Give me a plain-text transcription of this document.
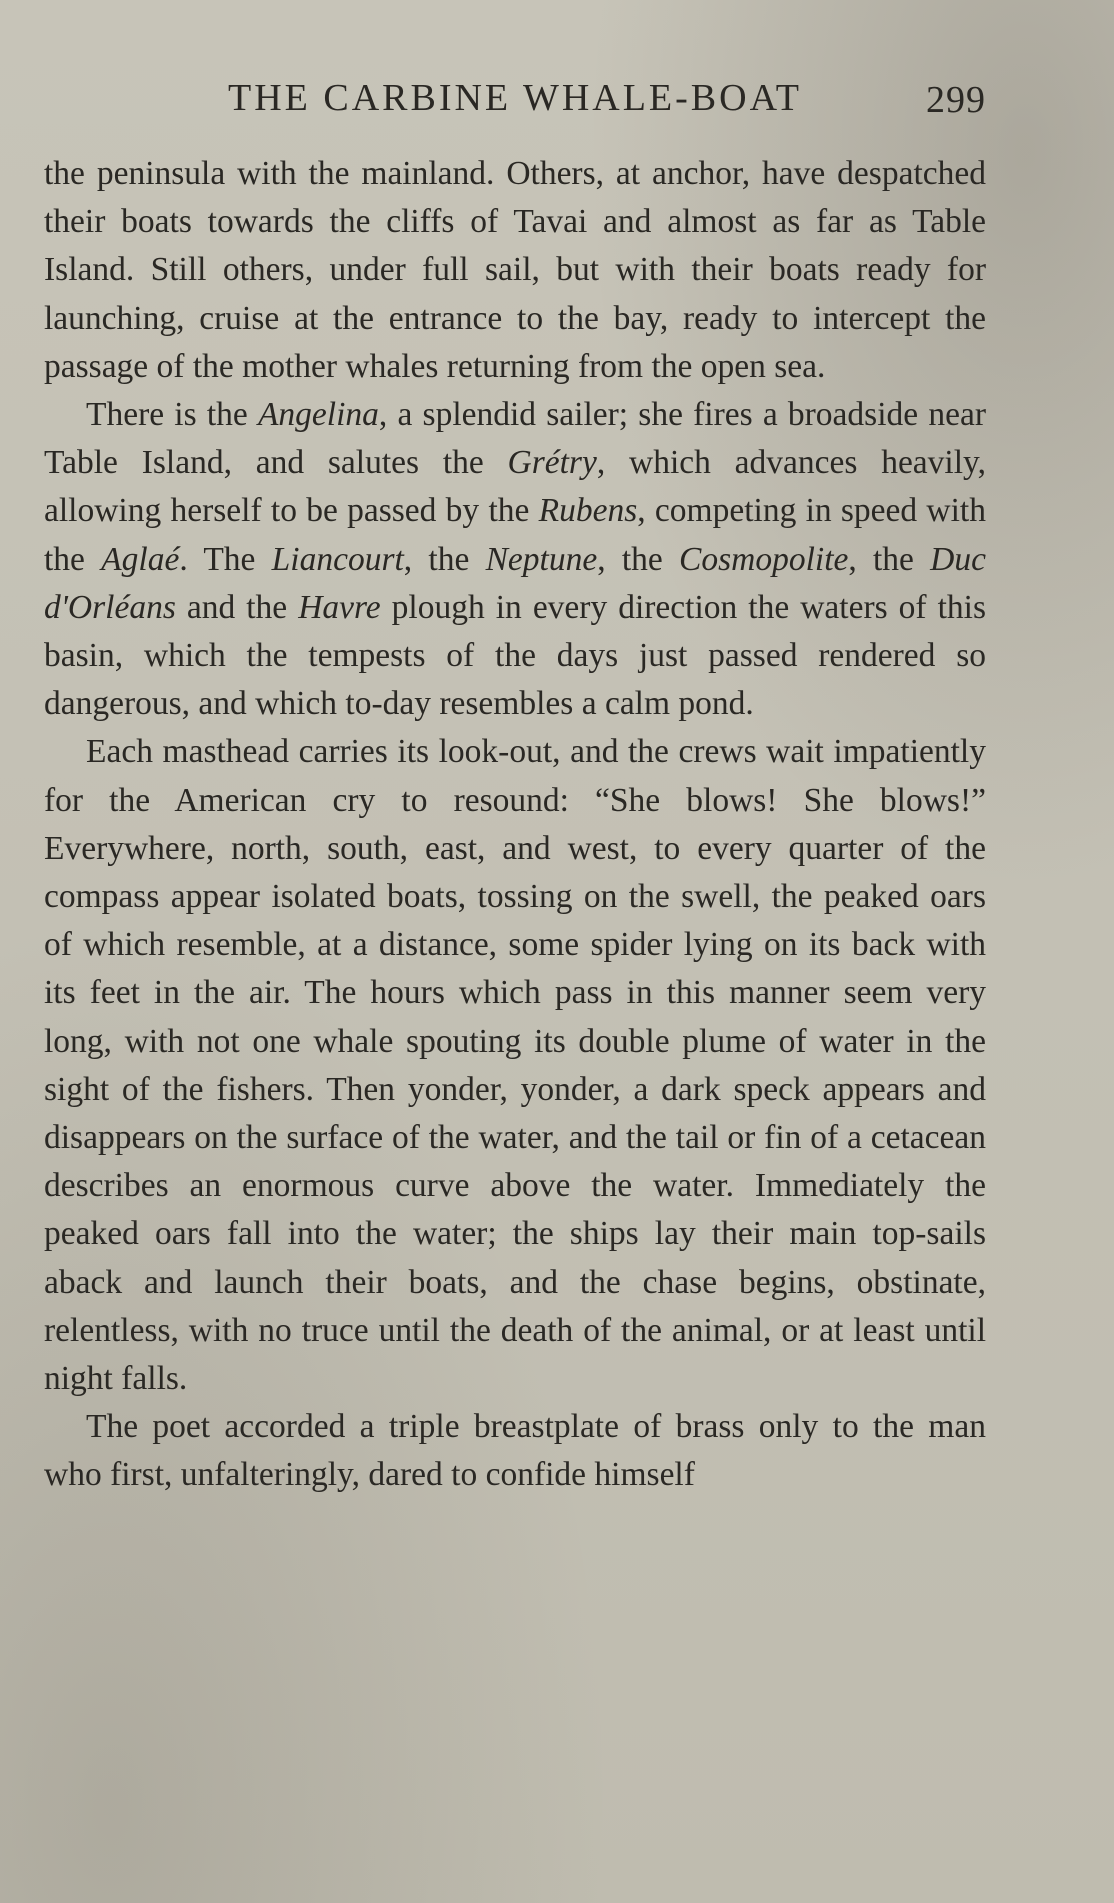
THE CARBINE WHALE-BOAT	299

the peninsula with the mainland. Others, at anchor, have despatched their boats towards the cliffs of Tavai and almost as far as Table Island. Still others, under full sail, but with their boats ready for launching, cruise at the entrance to the bay, ready to intercept the passage of the mother whales returning from the open sea.

There is the Angelina, a splendid sailer; she fires a broadside near Table Island, and salutes the Grétry, which advances heavily, allowing herself to be passed by the Rubens, competing in speed with the Aglaé. The Liancourt, the Neptune, the Cosmopolite, the Duc d'Orléans and the Havre plough in every direction the waters of this basin, which the tempests of the days just passed rendered so dangerous, and which to-day resembles a calm pond.

Each masthead carries its look-out, and the crews wait impatiently for the American cry to resound: “She blows! She blows!” Everywhere, north, south, east, and west, to every quarter of the compass appear isolated boats, tossing on the swell, the peaked oars of which resemble, at a distance, some spider lying on its back with its feet in the air. The hours which pass in this manner seem very long, with not one whale spouting its double plume of water in the sight of the fishers. Then yonder, yonder, a dark speck appears and disappears on the surface of the water, and the tail or fin of a cetacean describes an enormous curve above the water. Immediately the peaked oars fall into the water; the ships lay their main top-sails aback and launch their boats, and the chase begins, obstinate, relentless, with no truce until the death of the animal, or at least until night falls.

The poet accorded a triple breastplate of brass only to the man who first, unfalteringly, dared to confide himself
